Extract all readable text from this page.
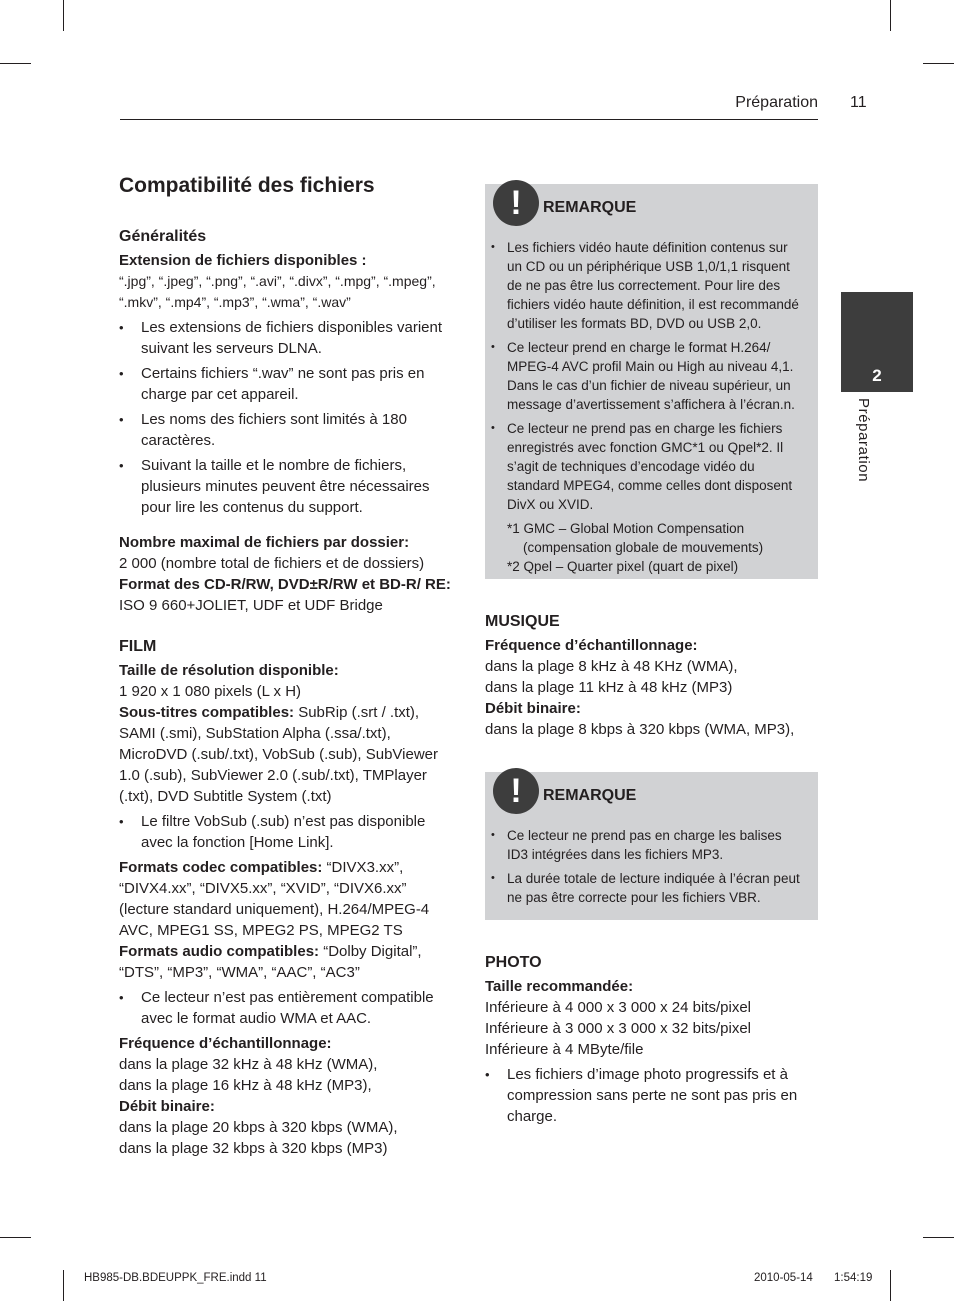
Préparation 11
2
Préparation
Compatibilité des fichiers
Généralités

Extension de fichiers disponibles :

“.jpg”, “.jpeg”, “.png”, “.avi”, “.divx”, “.mpg”, “.mpeg”, “.mkv”, “.mp4”, “.mp3”, “.wma”, “.wav”

• Les extensions de fichiers disponibles varient suivant les serveurs DLNA.
• Certains fichiers “.wav” ne sont pas pris en charge par cet appareil.
• Les noms des fichiers sont limités à 180 caractères.
• Suivant la taille et le nombre de fichiers, plusieurs minutes peuvent être nécessaires pour lire les contenus du support.

Nombre maximal de fichiers par dossier:

2 000 (nombre total de fichiers et de dossiers)

Format des CD-R/RW, DVD±R/RW et BD-R/ RE: ISO 9 660+JOLIET, UDF et UDF Bridge

FILM

Taille de résolution disponible:

1 920 x 1 080 pixels (L x H)

Sous-titres compatibles: SubRip (.srt / .txt), SAMI (.smi), SubStation Alpha (.ssa/.txt), MicroDVD (.sub/.txt), VobSub (.sub), SubViewer 1.0 (.sub), SubViewer 2.0 (.sub/.txt), TMPlayer (.txt), DVD Subtitle System (.txt)

• Le filtre VobSub (.sub) n’est pas disponible avec la fonction [Home Link].

Formats codec compatibles: “DIVX3.xx”, “DIVX4.xx”, “DIVX5.xx”, “XVID”, “DIVX6.xx” (lecture standard uniquement), H.264/MPEG-4 AVC, MPEG1 SS, MPEG2 PS, MPEG2 TS

Formats audio compatibles: “Dolby Digital”, “DTS”, “MP3”, “WMA”, “AAC”, “AC3”

• Ce lecteur n’est pas entièrement compatible avec le format audio WMA et AAC.

Fréquence d’échantillonnage:

dans la plage 32 kHz à 48 kHz (WMA),

dans la plage 16 kHz à 48 kHz (MP3),

Débit binaire:

dans la plage 20 kbps à 320 kbps (WMA),

dans la plage 32 kbps à 320 kbps (MP3)

!	REMARQUE
• Les fichiers vidéo haute définition contenus sur un CD ou un périphérique USB 1,0/1,1 risquent de ne pas être lus correctement. Pour lire des fichiers vidéo haute définition, il est recommandé d’utiliser les formats BD, DVD ou USB 2,0.
• Ce lecteur prend en charge le format H.264/ MPEG-4 AVC profil Main ou High au niveau 4,1. Dans le cas d’un fichier de niveau supérieur, un message d’avertissement s’affichera à l’écran.n.
• Ce lecteur ne prend pas en charge les fichiers enregistrés avec fonction GMC*1 ou Qpel*2. Il s’agit de techniques d’encodage vidéo du standard MPEG4, comme celles dont disposent DivX ou XVID.

*1 GMC – Global Motion Compensation

(compensation globale de mouvements)

*2 Qpel – Quarter pixel (quart de pixel)

MUSIQUE

Fréquence d’échantillonnage:

dans la plage 8 kHz à 48 KHz (WMA),

dans la plage 11 kHz à 48 kHz (MP3)

Débit binaire:

dans la plage 8 kbps à 320 kbps (WMA, MP3),

!	REMARQUE
• Ce lecteur ne prend pas en charge les balises ID3 intégrées dans les fichiers MP3.
• La durée totale de lecture indiquée à l’écran peut ne pas être correcte pour les fichiers VBR.
PHOTO

Taille recommandée:

Inférieure à 4 000 x 3 000 x 24 bits/pixel

Inférieure à 3 000 x 3 000 x 32 bits/pixel

Inférieure à 4 MByte/file

• Les fichiers d’image photo progressifs et à compression sans perte ne sont pas pris en charge.
HB985-DB.BDEUPPK_FRE.indd 11	2010-05-14 1:54:19
